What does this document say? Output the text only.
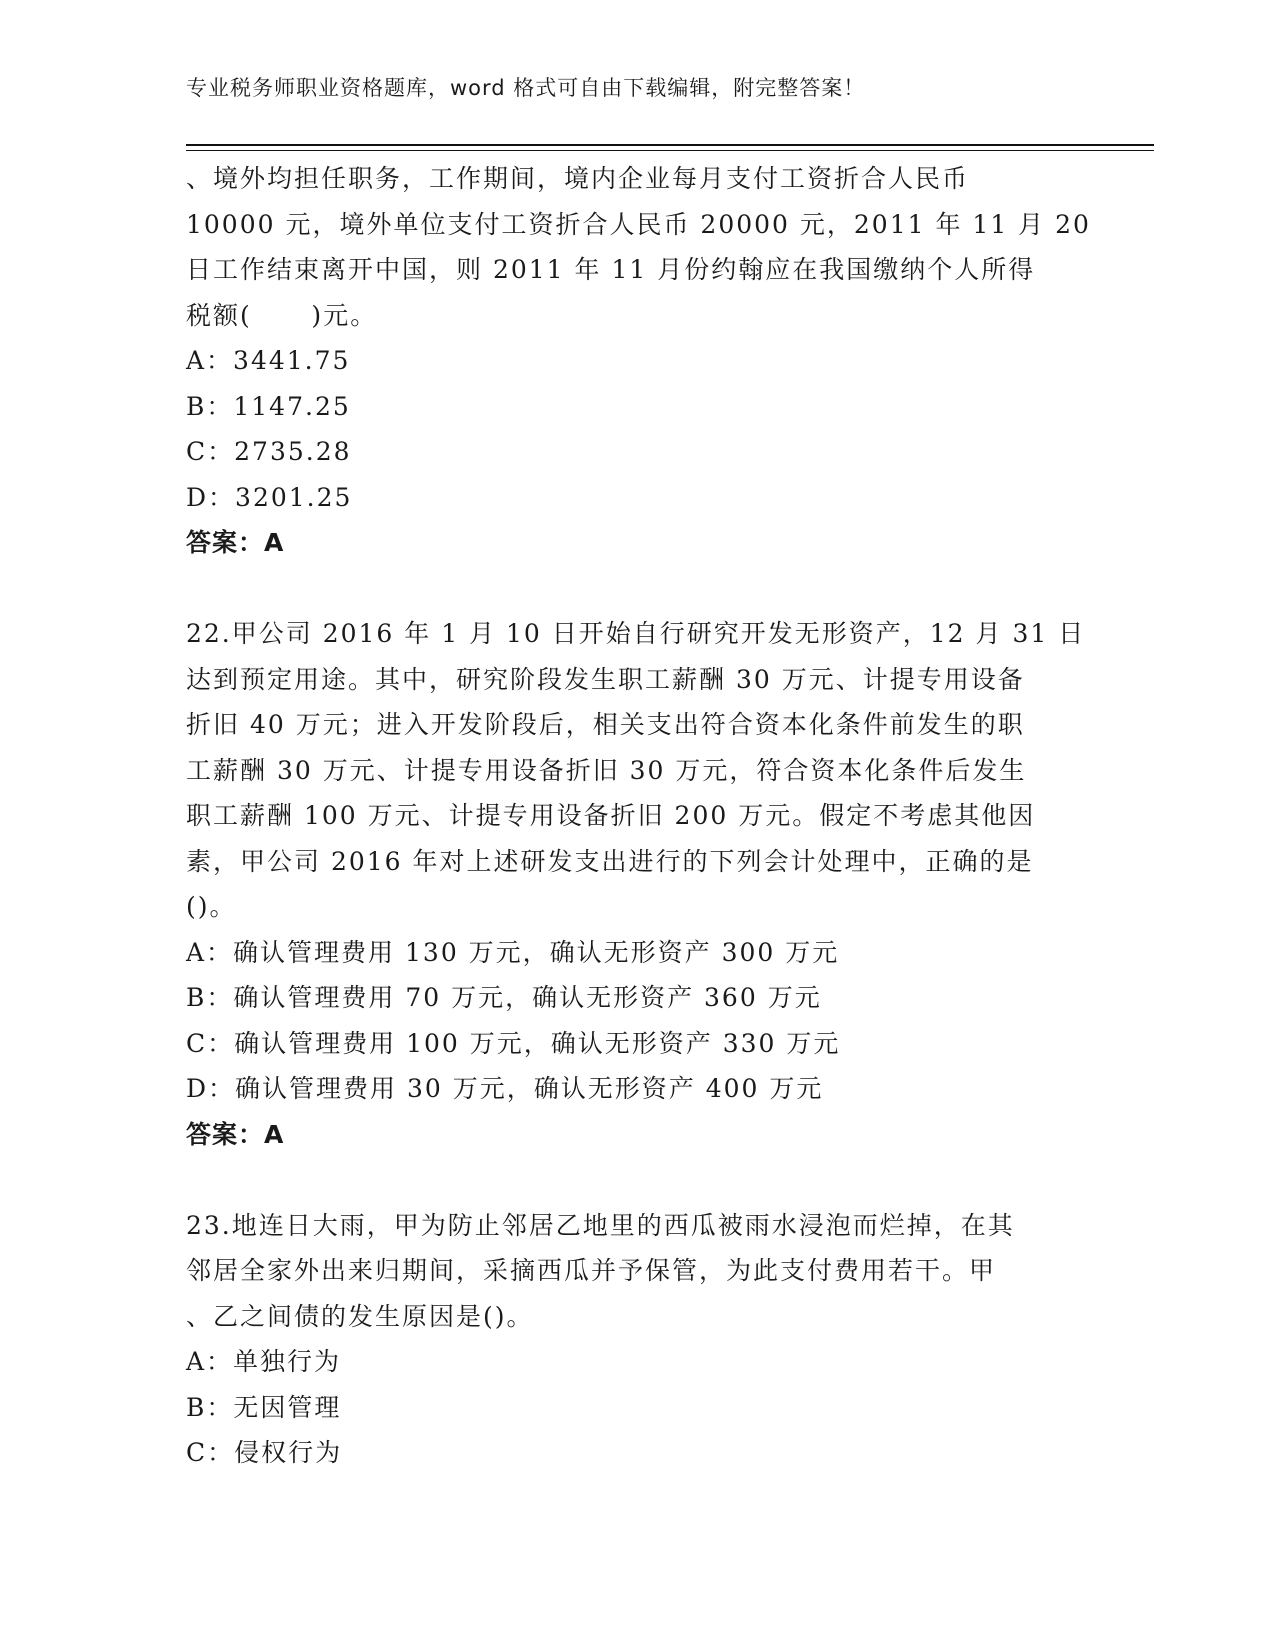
专业税务师职业资格题库，word 格式可自由下载编辑，附完整答案！
、境外均担任职务，工作期间，境内企业每月支付工资折合人民币
10000 元，境外单位支付工资折合人民币 20000 元，2011 年 11 月 20
日工作结束离开中国，则 2011 年 11 月份约翰应在我国缴纳个人所得
税额(      )元。
A：3441.75
B：1147.25
C：2735.28
D：3201.25
答案：A
22.甲公司 2016 年 1 月 10 日开始自行研究开发无形资产，12 月 31 日
达到预定用途。其中，研究阶段发生职工薪酬 30 万元、计提专用设备
折旧 40 万元；进入开发阶段后，相关支出符合资本化条件前发生的职
工薪酬 30 万元、计提专用设备折旧 30 万元，符合资本化条件后发生
职工薪酬 100 万元、计提专用设备折旧 200 万元。假定不考虑其他因
素，甲公司 2016 年对上述研发支出进行的下列会计处理中，正确的是
()。
A：确认管理费用 130 万元，确认无形资产 300 万元
B：确认管理费用 70 万元，确认无形资产 360 万元
C：确认管理费用 100 万元，确认无形资产 330 万元
D：确认管理费用 30 万元，确认无形资产 400 万元
答案：A
23.地连日大雨，甲为防止邻居乙地里的西瓜被雨水浸泡而烂掉，在其
邻居全家外出来归期间，采摘西瓜并予保管，为此支付费用若干。甲
、乙之间债的发生原因是()。
A：单独行为
B：无因管理
C：侵权行为
